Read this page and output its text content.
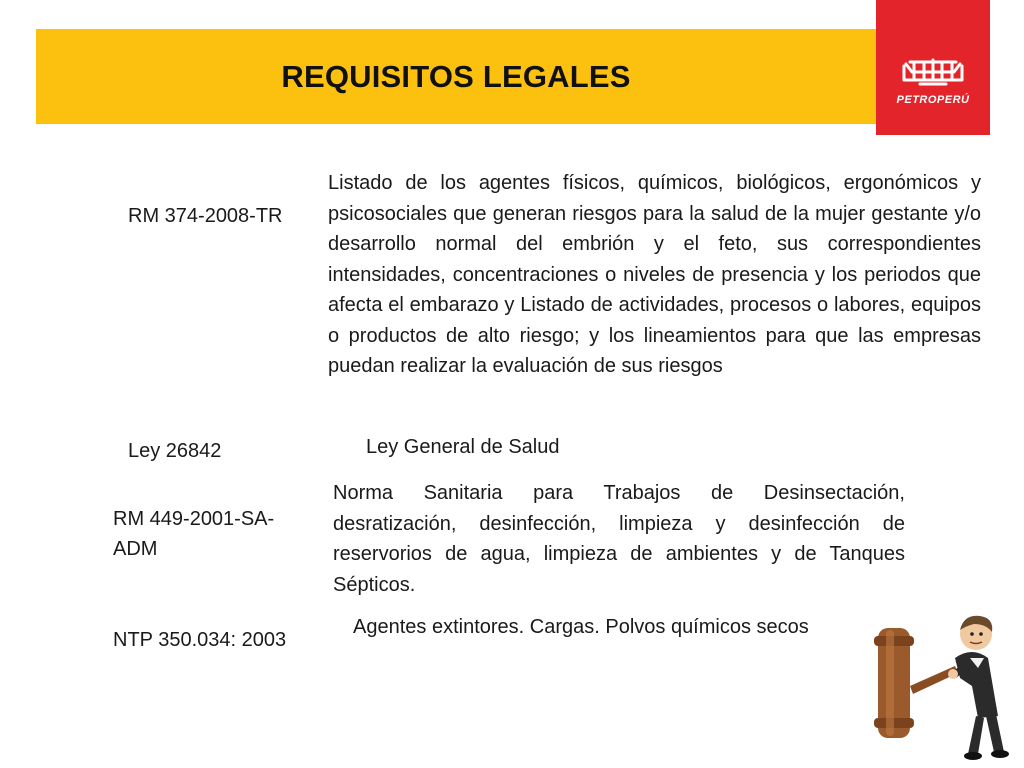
REQUISITOS LEGALES
PETROPERÚ
RM 374-2008-TR
Listado de los agentes físicos, químicos, biológicos, ergonómicos y psicosociales que generan riesgos para la salud de la mujer gestante y/o desarrollo normal del embrión y el feto, sus correspondientes intensidades, concentraciones o niveles de presencia y los periodos que afecta el embarazo y Listado de actividades, procesos o labores, equipos o productos de alto riesgo; y los lineamientos para que las empresas puedan realizar la evaluación de sus riesgos
Ley 26842	Ley General de Salud
RM 449-2001-SA-ADM
Norma Sanitaria para Trabajos de Desinsectación, desratización, desinfección, limpieza y desinfección de reservorios de agua, limpieza de ambientes y de Tanques Sépticos.
NTP 350.034: 2003
Agentes extintores. Cargas. Polvos químicos secos
